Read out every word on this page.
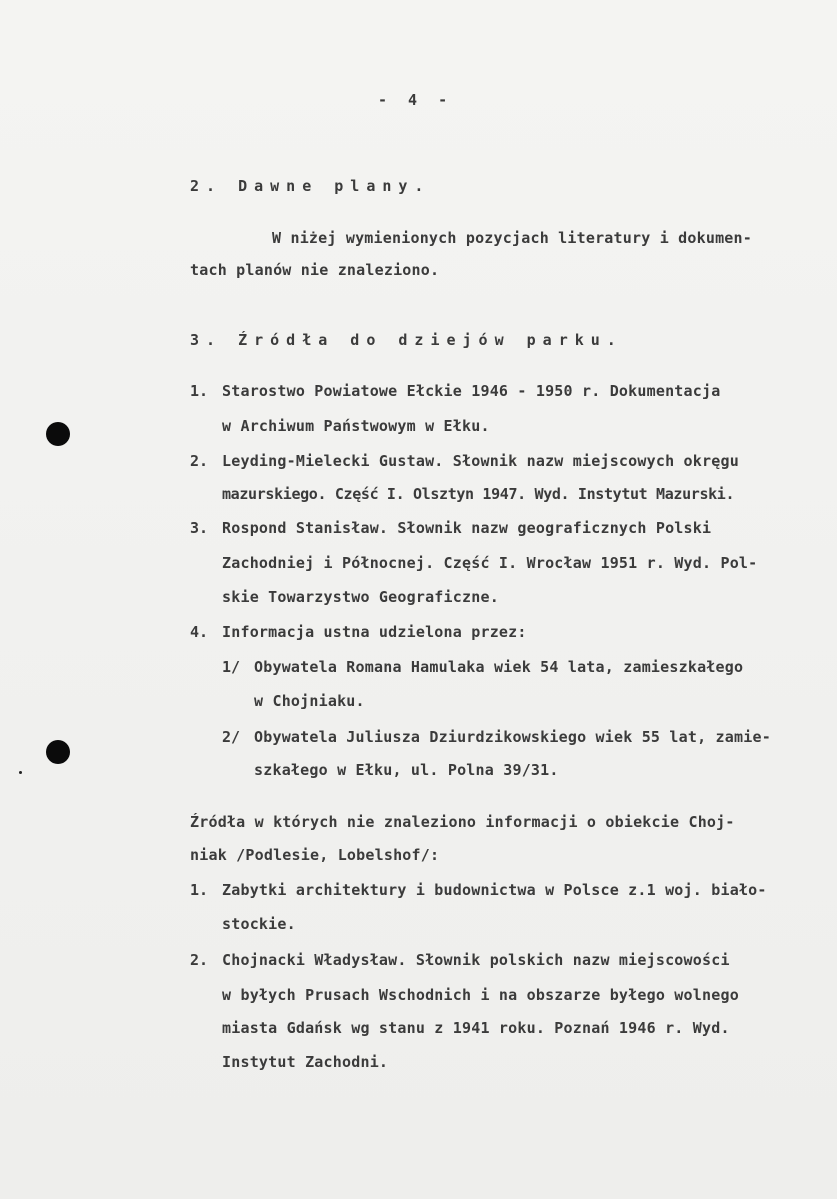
- 4 -
2. Dawne plany.
W niżej wymienionych pozycjach literatury i dokumen-
tach planów nie znaleziono.
3. Źródła do dziejów parku.
1. Starostwo Powiatowe Ełckie 1946 - 1950 r. Dokumentacja
w Archiwum Państwowym w Ełku.
2. Leyding-Mielecki Gustaw. Słownik nazw miejscowych okręgu
mazurskiego. Część I. Olsztyn 1947. Wyd. Instytut Mazurski.
3. Rospond Stanisław. Słownik nazw geograficznych Polski
Zachodniej i Północnej. Część I. Wrocław 1951 r. Wyd. Pol-
skie Towarzystwo Geograficzne.
4. Informacja ustna udzielona przez:
1/ Obywatela Romana Hamulaka wiek 54 lata, zamieszkałego
w Chojniaku.
2/ Obywatela Juliusza Dziurdzikowskiego wiek 55 lat, zamie-
szkałego w Ełku, ul. Polna 39/31.
Źródła w których nie znaleziono informacji o obiekcie Choj-
niak /Podlesie, Lobelshof/:
1. Zabytki architektury i budownictwa w Polsce z.1 woj. biało-
stockie.
2. Chojnacki Władysław. Słownik polskich nazw miejscowości
w byłych Prusach Wschodnich i na obszarze byłego wolnego
miasta Gdańsk wg stanu z 1941 roku. Poznań 1946 r. Wyd.
Instytut Zachodni.
